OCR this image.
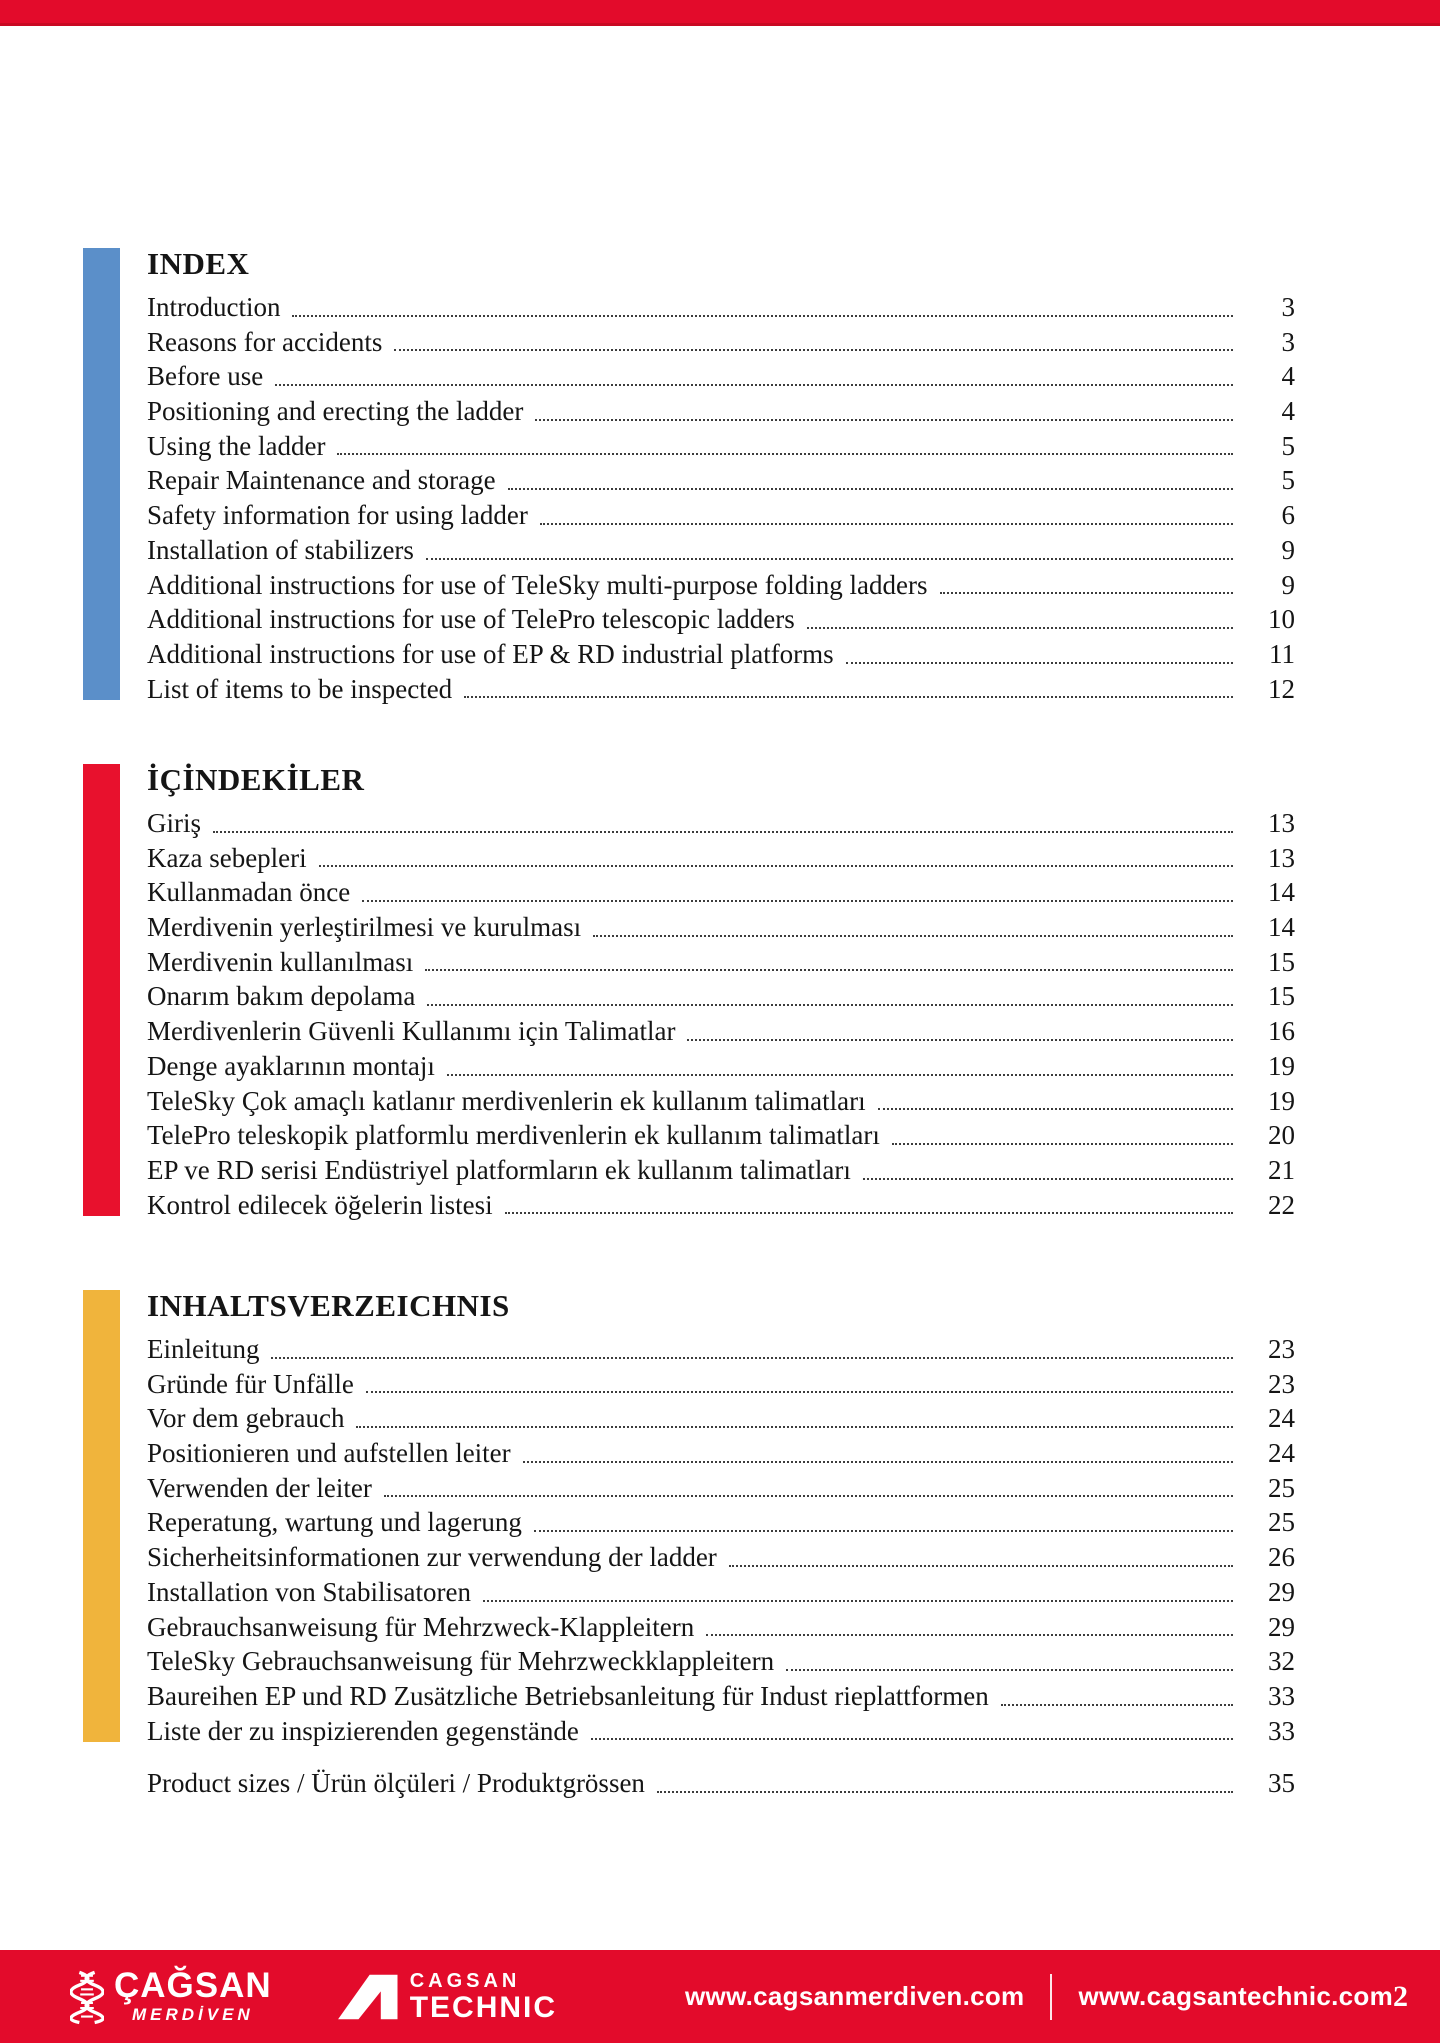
INDEX
Introduction	3
Reasons for accidents	3
Before use	4
Positioning and erecting the ladder	4
Using the ladder	5
Repair Maintenance and storage	5
Safety information for using ladder	6
Installation of stabilizers	9
Additional instructions for use of TeleSky multi-purpose folding ladders	9
Additional instructions for use of TelePro telescopic ladders	10
Additional instructions for use of EP & RD industrial platforms	11
List of items to be inspected	12
İÇİNDEKİLER
Giriş	13
Kaza sebepleri	13
Kullanmadan önce	14
Merdivenin yerleştirilmesi ve kurulması	14
Merdivenin kullanılması	15
Onarım bakım depolama	15
Merdivenlerin Güvenli Kullanımı için Talimatlar	16
Denge ayaklarının montajı	19
TeleSky Çok amaçlı katlanır merdivenlerin ek kullanım talimatları	19
TelePro teleskopik platformlu merdivenlerin ek kullanım talimatları	20
EP ve RD serisi Endüstriyel platformların ek kullanım talimatları	21
Kontrol edilecek öğelerin listesi	22
INHALTSVERZEICHNIS
Einleitung	23
Gründe für Unfälle	23
Vor dem gebrauch	24
Positionieren und aufstellen leiter	24
Verwenden der leiter	25
Reperatung, wartung und lagerung	25
Sicherheitsinformationen zur verwendung der ladder	26
Installation von Stabilisatoren	29
Gebrauchsanweisung für Mehrzweck-Klappleitern	29
TeleSky Gebrauchsanweisung für Mehrzweckklappleitern	32
Baureihen EP und RD Zusätzliche Betriebsanleitung für Indust rieplattformen	33
Liste der zu inspizierenden gegenstände	33
Product sizes / Ürün ölçüleri / Produktgrössen	35
ÇAĞSAN
MERDİVEN
CAGSAN
TECHNIC	www.cagsanmerdiven.com www.cagsantechnic.com 2
